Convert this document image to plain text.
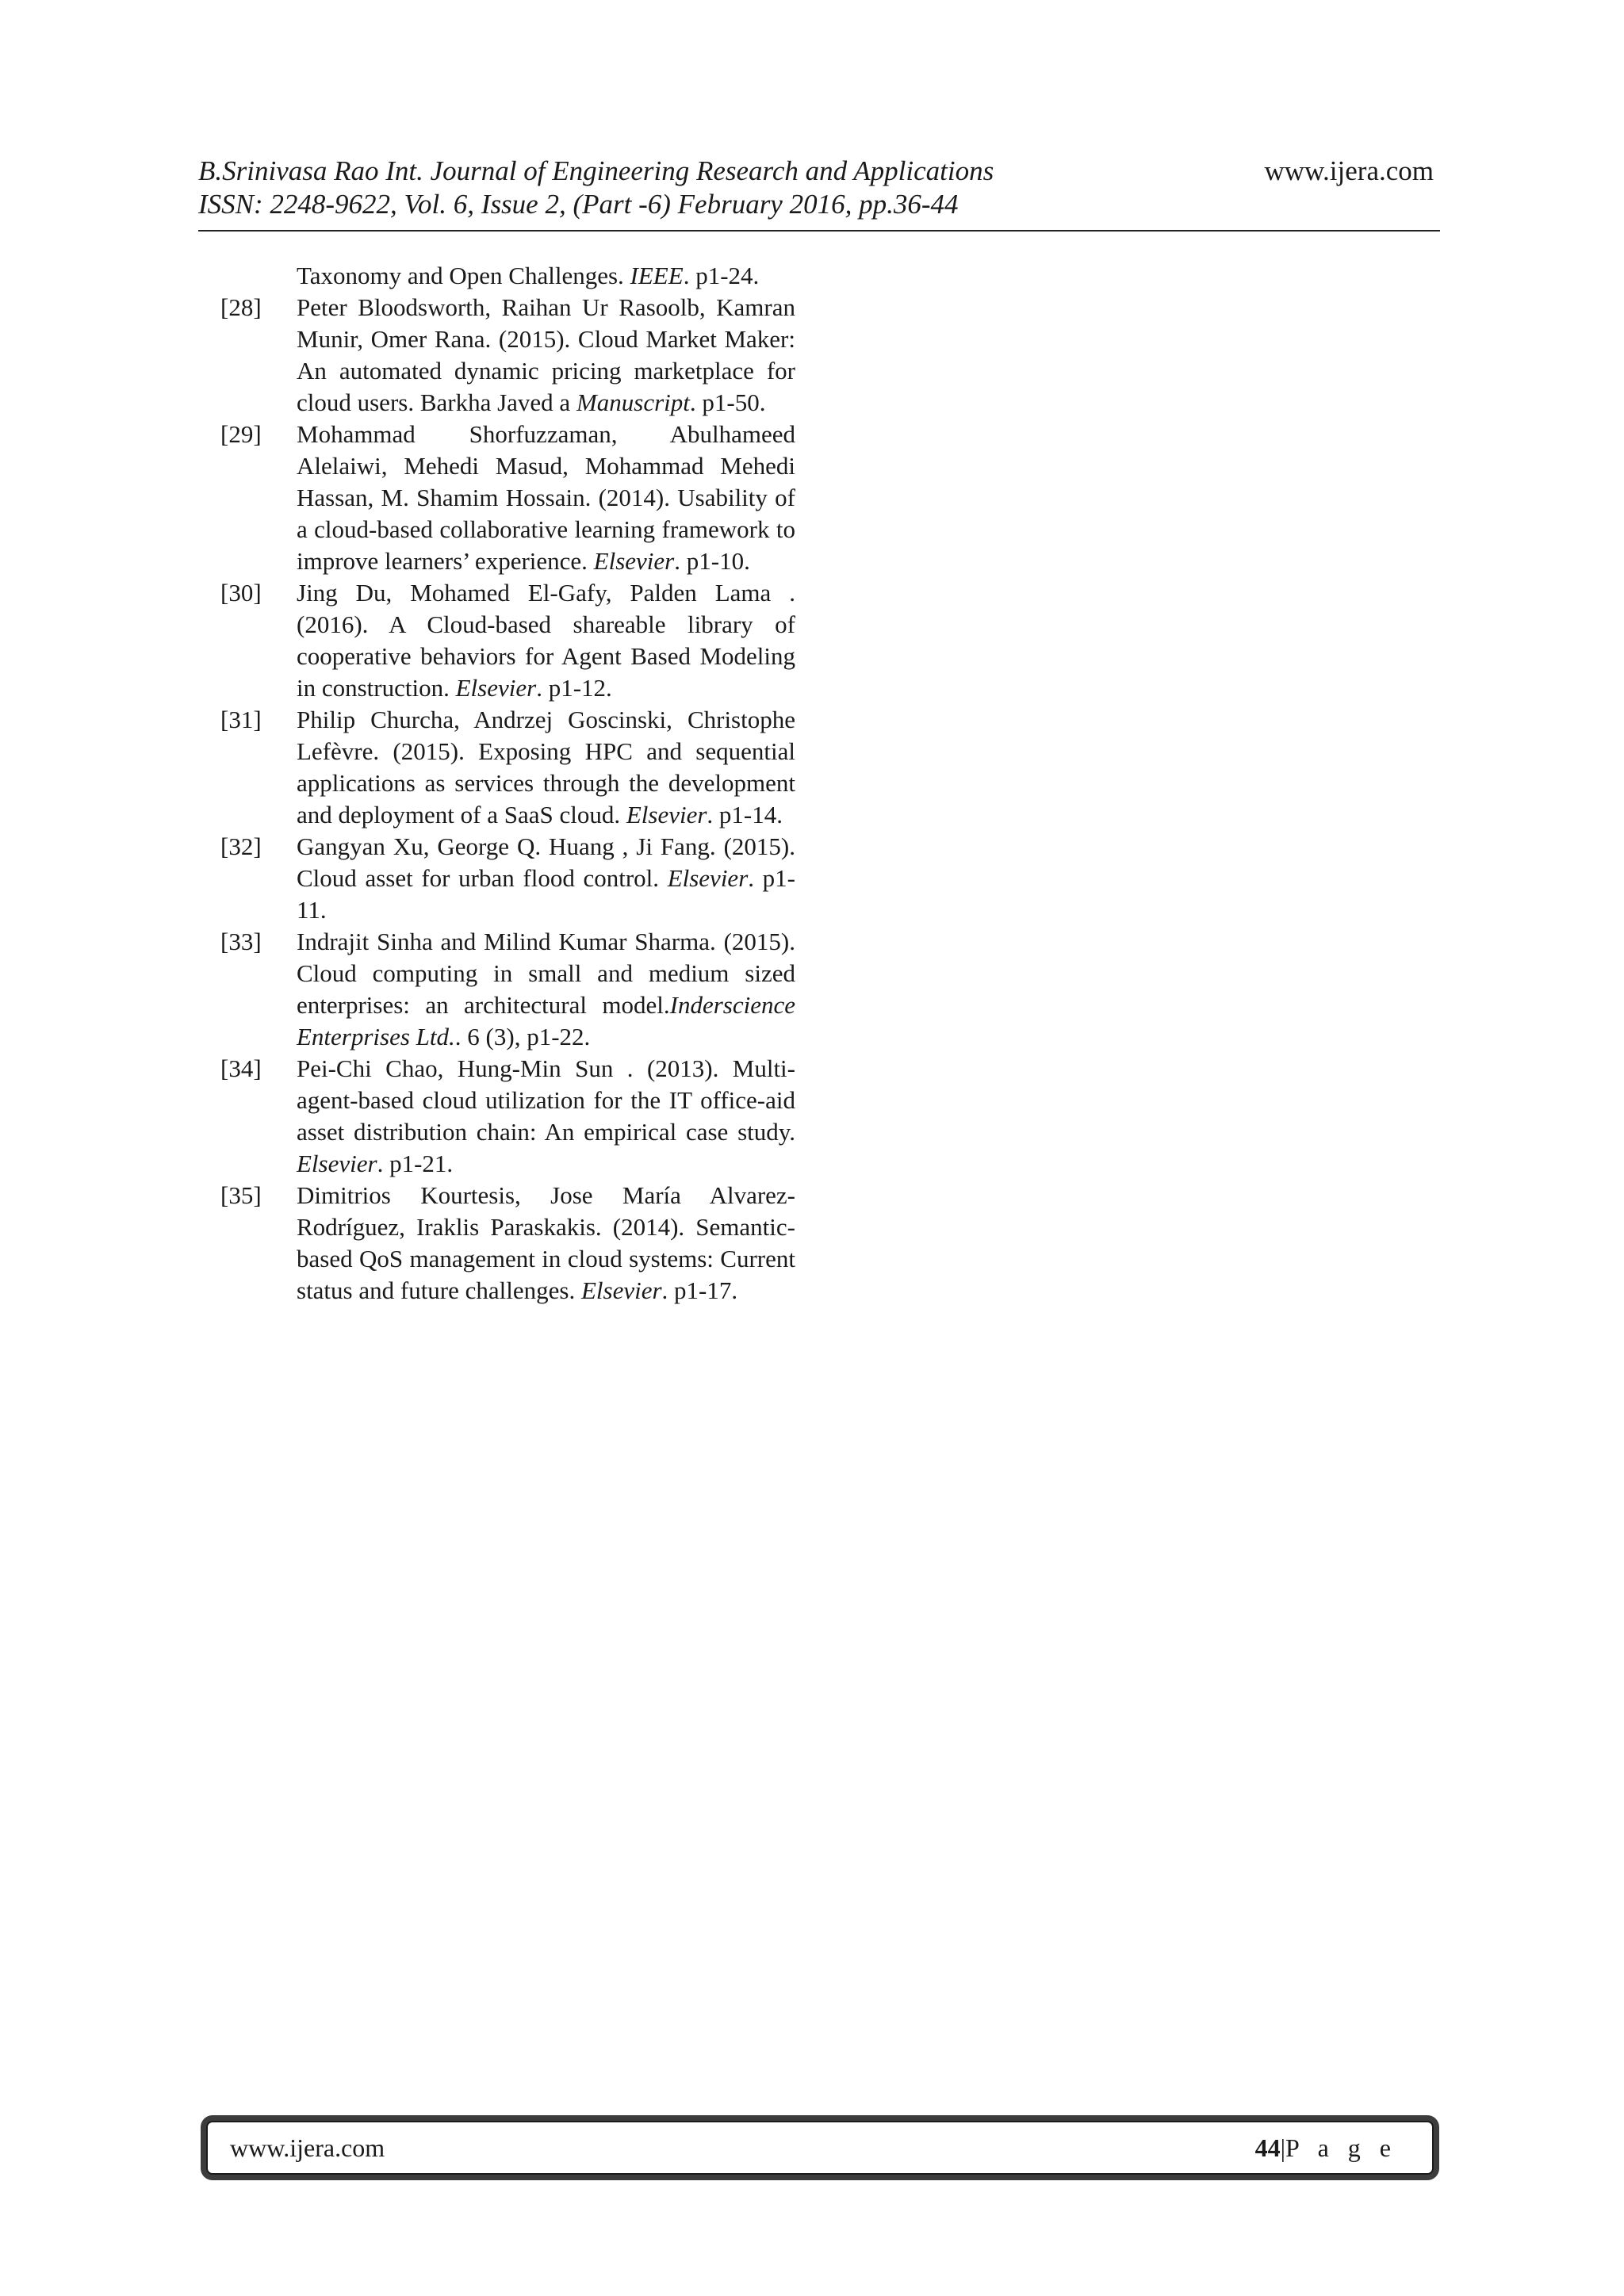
B.Srinivasa Rao Int. Journal of Engineering Research and Applications
ISSN: 2248-9622, Vol. 6, Issue 2, (Part -6) February 2016, pp.36-44
www.ijera.com
Taxonomy and Open Challenges. IEEE. p1-24.
[28] Peter Bloodsworth, Raihan Ur Rasoolb, Kamran Munir, Omer Rana. (2015). Cloud Market Maker: An automated dynamic pricing marketplace for cloud users. Barkha Javed a Manuscript. p1-50.
[29] Mohammad Shorfuzzaman, Abulhameed Alelaiwi, Mehedi Masud, Mohammad Mehedi Hassan, M. Shamim Hossain. (2014). Usability of a cloud-based collaborative learning framework to improve learners’ experience. Elsevier. p1-10.
[30] Jing Du, Mohamed El-Gafy, Palden Lama . (2016). A Cloud-based shareable library of cooperative behaviors for Agent Based Modeling in construction. Elsevier. p1-12.
[31] Philip Churcha, Andrzej Goscinski, Christophe Lefèvre. (2015). Exposing HPC and sequential applications as services through the development and deployment of a SaaS cloud. Elsevier. p1-14.
[32] Gangyan Xu, George Q. Huang , Ji Fang. (2015). Cloud asset for urban flood control. Elsevier. p1-11.
[33] Indrajit Sinha and Milind Kumar Sharma. (2015). Cloud computing in small and medium sized enterprises: an architectural model.Inderscience Enterprises Ltd.. 6 (3), p1-22.
[34] Pei-Chi Chao, Hung-Min Sun . (2013). Multi-agent-based cloud utilization for the IT office-aid asset distribution chain: An empirical case study. Elsevier. p1-21.
[35] Dimitrios Kourtesis, Jose María Alvarez-Rodríguez, Iraklis Paraskakis. (2014). Semantic-based QoS management in cloud systems: Current status and future challenges. Elsevier. p1-17.
www.ijera.com	44|P a g e
